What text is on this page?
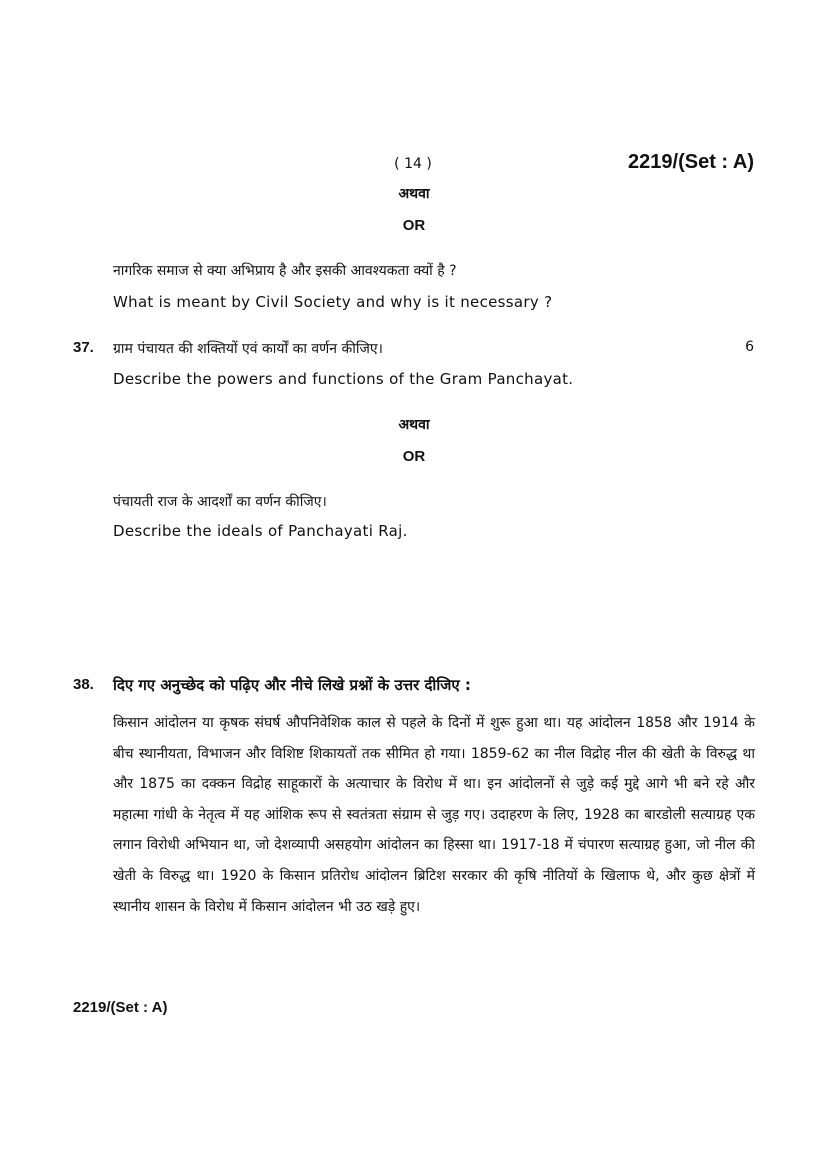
( 14 )	2219/(Set : A)
अथवा
OR
नागरिक समाज से क्या अभिप्राय है और इसकी आवश्यकता क्यों है ?
What is meant by Civil Society and why is it necessary ?
37. ग्राम पंचायत की शक्तियों एवं कार्यों का वर्णन कीजिए।	6
Describe the powers and functions of the Gram Panchayat.
अथवा
OR
पंचायती राज के आदर्शों का वर्णन कीजिए।
Describe the ideals of Panchayati Raj.
38. दिए गए अनुच्छेद को पढ़िए और नीचे लिखे प्रश्नों के उत्तर दीजिए :
किसान आंदोलन या कृषक संघर्ष औपनिवेशिक काल से पहले के दिनों में शुरू हुआ था। यह आंदोलन 1858 और 1914 के बीच स्थानीयता, विभाजन और विशिष्ट शिकायतों तक सीमित हो गया। 1859-62 का नील विद्रोह नील की खेती के विरुद्ध था और 1875 का दक्कन विद्रोह साहूकारों के अत्याचार के विरोध में था। इन आंदोलनों से जुड़े कई मुद्दे आगे भी बने रहे और महात्मा गांधी के नेतृत्व में यह आंशिक रूप से स्वतंत्रता संग्राम से जुड़ गए। उदाहरण के लिए, 1928 का बारडोली सत्याग्रह एक लगान विरोधी अभियान था, जो देशव्यापी असहयोग आंदोलन का हिस्सा था। 1917-18 में चंपारण सत्याग्रह हुआ, जो नील की खेती के विरुद्ध था। 1920 के किसान प्रतिरोध आंदोलन ब्रिटिश सरकार की कृषि नीतियों के खिलाफ थे, और कुछ क्षेत्रों में स्थानीय शासन के विरोध में किसान आंदोलन भी उठ खड़े हुए।
2219/(Set : A)
